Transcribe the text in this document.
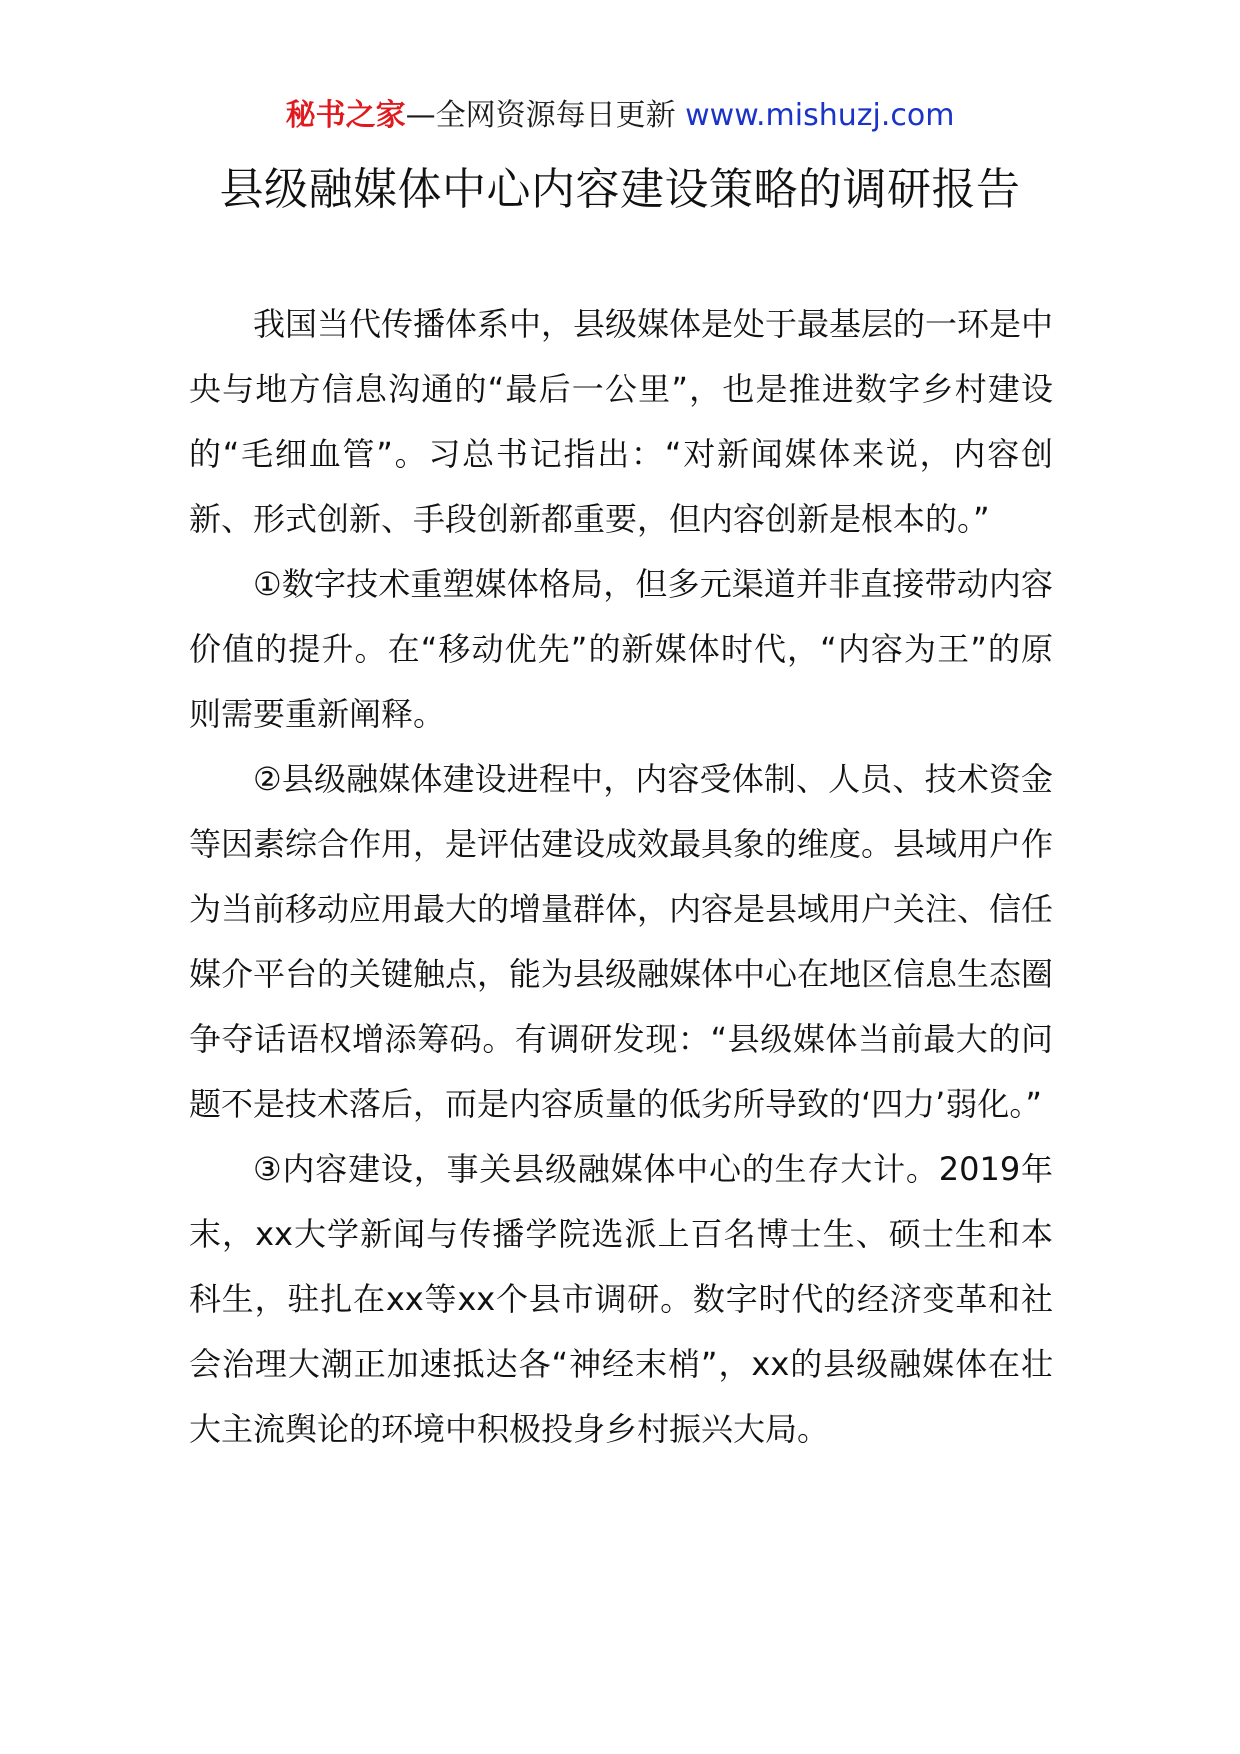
秘书之家—全网资源每日更新 www.mishuzj.com
县级融媒体中心内容建设策略的调研报告

我国当代传播体系中，县级媒体是处于最基层的一环是中央与地方信息沟通的“最后一公里”，也是推进数字乡村建设的“毛细血管”。习总书记指出：“对新闻媒体来说，内容创新、形式创新、手段创新都重要，但内容创新是根本的。”

①数字技术重塑媒体格局，但多元渠道并非直接带动内容价值的提升。在“移动优先”的新媒体时代，“内容为王”的原则需要重新阐释。

②县级融媒体建设进程中，内容受体制、人员、技术资金等因素综合作用，是评估建设成效最具象的维度。县域用户作为当前移动应用最大的增量群体，内容是县域用户关注、信任媒介平台的关键触点，能为县级融媒体中心在地区信息生态圈争夺话语权增添筹码。有调研发现：“县级媒体当前最大的问题不是技术落后，而是内容质量的低劣所导致的‘四力’弱化。”

③内容建设，事关县级融媒体中心的生存大计。2019年末，xx大学新闻与传播学院选派上百名博士生、硕士生和本科生，驻扎在xx等xx个县市调研。数字时代的经济变革和社会治理大潮正加速抵达各“神经末梢”，xx的县级融媒体在壮大主流舆论的环境中积极投身乡村振兴大局。
